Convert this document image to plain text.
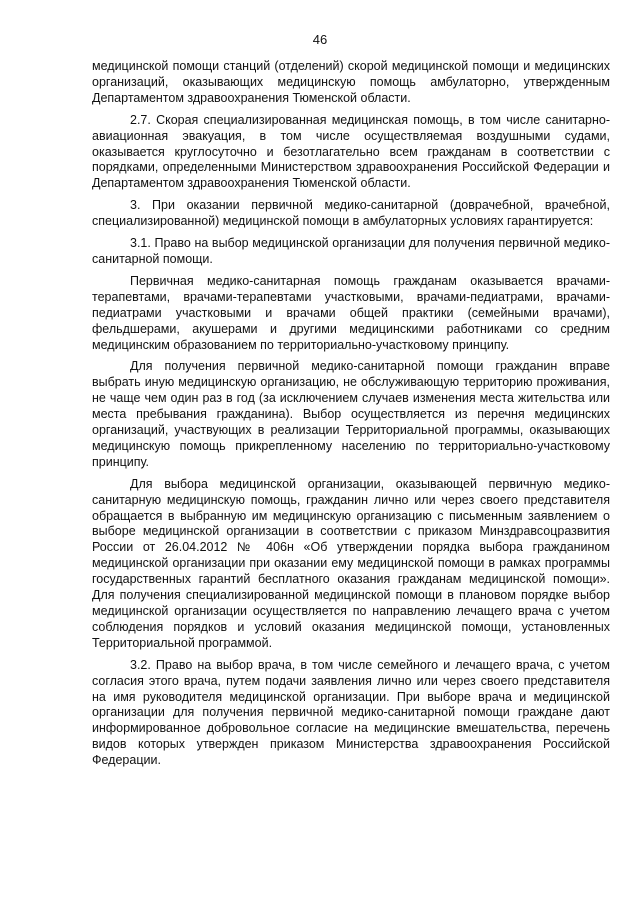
46

медицинской помощи станций (отделений) скорой медицинской помощи и медицинских организаций, оказывающих медицинскую помощь амбулаторно, утвержденным Департаментом здравоохранения Тюменской области.

2.7. Скорая специализированная медицинская помощь, в том числе санитарно-авиационная эвакуация, в том числе осуществляемая воздушными судами, оказывается круглосуточно и безотлагательно всем гражданам в соответствии с порядками, определенными Министерством здравоохранения Российской Федерации и Департаментом здравоохранения Тюменской области.

3. При оказании первичной медико-санитарной (доврачебной, врачебной, специализированной) медицинской помощи в амбулаторных условиях гарантируется:

3.1. Право на выбор медицинской организации для получения первичной медико-санитарной помощи.

Первичная медико-санитарная помощь гражданам оказывается врачами-терапевтами, врачами-терапевтами участковыми, врачами-педиатрами, врачами-педиатрами участковыми и врачами общей практики (семейными врачами), фельдшерами, акушерами и другими медицинскими работниками со средним медицинским образованием по территориально-участковому принципу.

Для получения первичной медико-санитарной помощи гражданин вправе выбрать иную медицинскую организацию, не обслуживающую территорию проживания, не чаще чем один раз в год (за исключением случаев изменения места жительства или места пребывания гражданина). Выбор осуществляется из перечня медицинских организаций, участвующих в реализации Территориальной программы, оказывающих медицинскую помощь прикрепленному населению по территориально-участковому принципу.

Для выбора медицинской организации, оказывающей первичную медико-санитарную медицинскую помощь, гражданин лично или через своего представителя обращается в выбранную им медицинскую организацию с письменным заявлением о выборе медицинской организации в соответствии с приказом Минздравсоцразвития России от 26.04.2012 № 406н «Об утверждении порядка выбора гражданином медицинской организации при оказании ему медицинской помощи в рамках программы государственных гарантий бесплатного оказания гражданам медицинской помощи». Для получения специализированной медицинской помощи в плановом порядке выбор медицинской организации осуществляется по направлению лечащего врача с учетом соблюдения порядков и условий оказания медицинской помощи, установленных Территориальной программой.

3.2. Право на выбор врача, в том числе семейного и лечащего врача, с учетом согласия этого врача, путем подачи заявления лично или через своего представителя на имя руководителя медицинской организации. При выборе врача и медицинской организации для получения первичной медико-санитарной помощи граждане дают информированное добровольное согласие на медицинские вмешательства, перечень видов которых утвержден приказом Министерства здравоохранения Российской Федерации.
